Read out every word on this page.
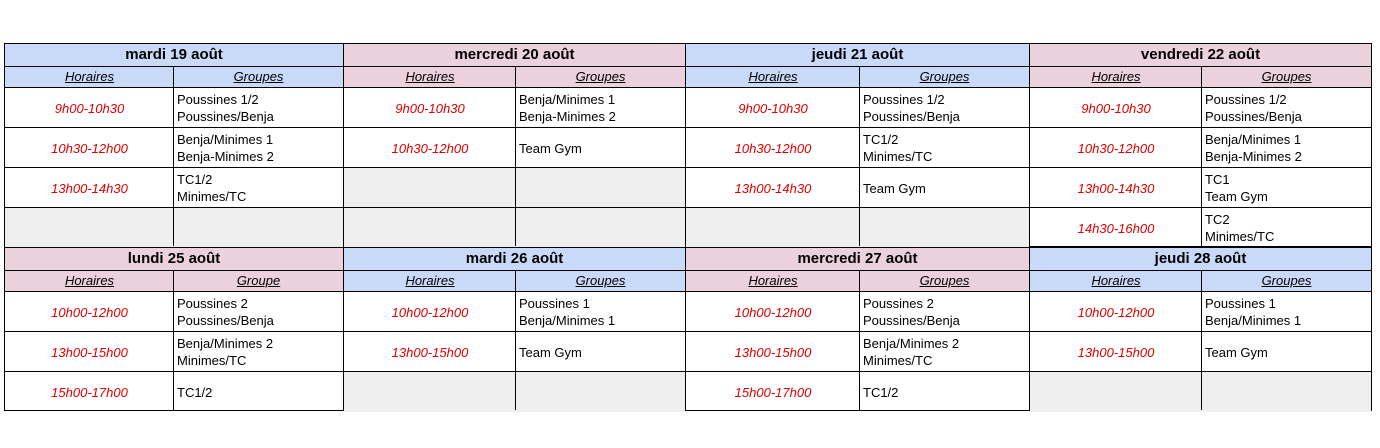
mardi 19 août
Horaires	Groupes
9h00-10h30
Poussines 1/2
Poussines/Benja
10h30-12h00
Benja/Minimes 1
Benja-Minimes 2
13h00-14h30
TC1/2
Minimes/TC
mercredi 20 août
Horaires	Groupes
9h00-10h30
Benja/Minimes 1
Benja-Minimes 2
10h30-12h00	Team Gym
jeudi 21 août
Horaires	Groupes
9h00-10h30
Poussines 1/2
Poussines/Benja
10h30-12h00
TC1/2
Minimes/TC
13h00-14h30	Team Gym
vendredi 22 août
Horaires	Groupes
9h00-10h30
Poussines 1/2
Poussines/Benja
10h30-12h00
Benja/Minimes 1
Benja-Minimes 2
13h00-14h30
TC1
Team Gym
14h30-16h00
TC2
Minimes/TC
lundi 25 août
Horaires	Groupe
10h00-12h00
Poussines 2
Poussines/Benja
13h00-15h00
Benja/Minimes 2
Minimes/TC
15h00-17h00	TC1/2
mardi 26 août
Horaires	Groupes
10h00-12h00
Poussines 1
Benja/Minimes 1
13h00-15h00	Team Gym
mercredi 27 août
Horaires	Groupes
10h00-12h00
Poussines 2
Poussines/Benja
13h00-15h00
Benja/Minimes 2
Minimes/TC
15h00-17h00	TC1/2
jeudi 28 août
Horaires	Groupes
10h00-12h00
Poussines 1
Benja/Minimes 1
13h00-15h00	Team Gym
